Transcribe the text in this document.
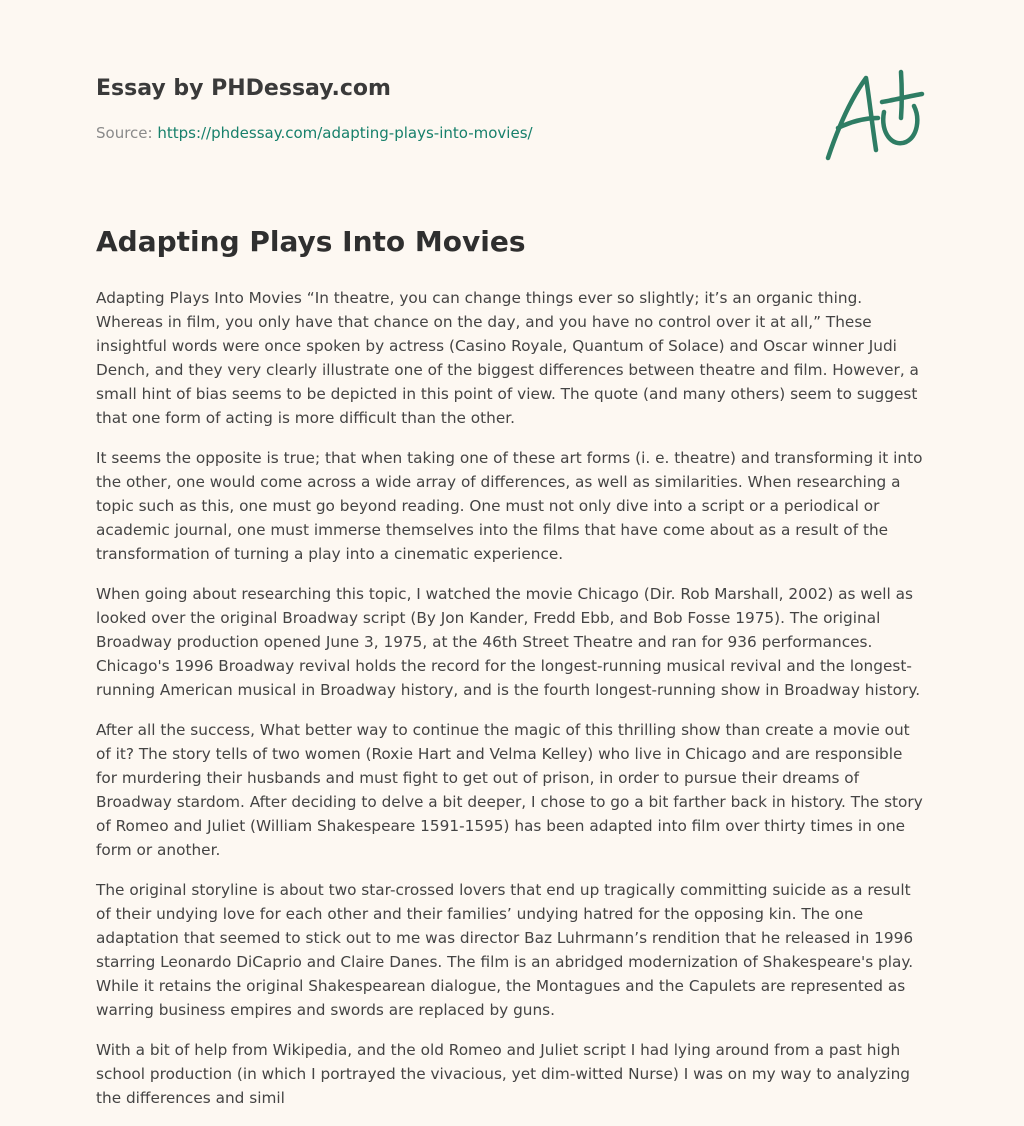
Essay by PHDessay.com
Source: https://phdessay.com/adapting-plays-into-movies/
Adapting Plays Into Movies

Adapting Plays Into Movies “In theatre, you can change things ever so slightly; it’s an organic thing. Whereas in film, you only have that chance on the day, and you have no control over it at all,” These insightful words were once spoken by actress (Casino Royale, Quantum of Solace) and Oscar winner Judi Dench, and they very clearly illustrate one of the biggest differences between theatre and film. However, a small hint of bias seems to be depicted in this point of view. The quote (and many others) seem to suggest that one form of acting is more difficult than the other.

It seems the opposite is true; that when taking one of these art forms (i. e. theatre) and transforming it into the other, one would come across a wide array of differences, as well as similarities. When researching a topic such as this, one must go beyond reading. One must not only dive into a script or a periodical or academic journal, one must immerse themselves into the films that have come about as a result of the transformation of turning a play into a cinematic experience.

When going about researching this topic, I watched the movie Chicago (Dir. Rob Marshall, 2002) as well as looked over the original Broadway script (By Jon Kander, Fredd Ebb, and Bob Fosse 1975). The original Broadway production opened June 3, 1975, at the 46th Street Theatre and ran for 936 performances. Chicago's 1996 Broadway revival holds the record for the longest-running musical revival and the longest-running American musical in Broadway history, and is the fourth longest-running show in Broadway history.

After all the success, What better way to continue the magic of this thrilling show than create a movie out of it? The story tells of two women (Roxie Hart and Velma Kelley) who live in Chicago and are responsible for murdering their husbands and must fight to get out of prison, in order to pursue their dreams of Broadway stardom. After deciding to delve a bit deeper, I chose to go a bit farther back in history. The story of Romeo and Juliet (William Shakespeare 1591-1595) has been adapted into film over thirty times in one form or another.

The original storyline is about two star-crossed lovers that end up tragically committing suicide as a result of their undying love for each other and their families’ undying hatred for the opposing kin. The one adaptation that seemed to stick out to me was director Baz Luhrmann’s rendition that he released in 1996 starring Leonardo DiCaprio and Claire Danes. The film is an abridged modernization of Shakespeare's play. While it retains the original Shakespearean dialogue, the Montagues and the Capulets are represented as warring business empires and swords are replaced by guns.

With a bit of help from Wikipedia, and the old Romeo and Juliet script I had lying around from a past high school production (in which I portrayed the vivacious, yet dim-witted Nurse) I was on my way to analyzing the differences and simil
